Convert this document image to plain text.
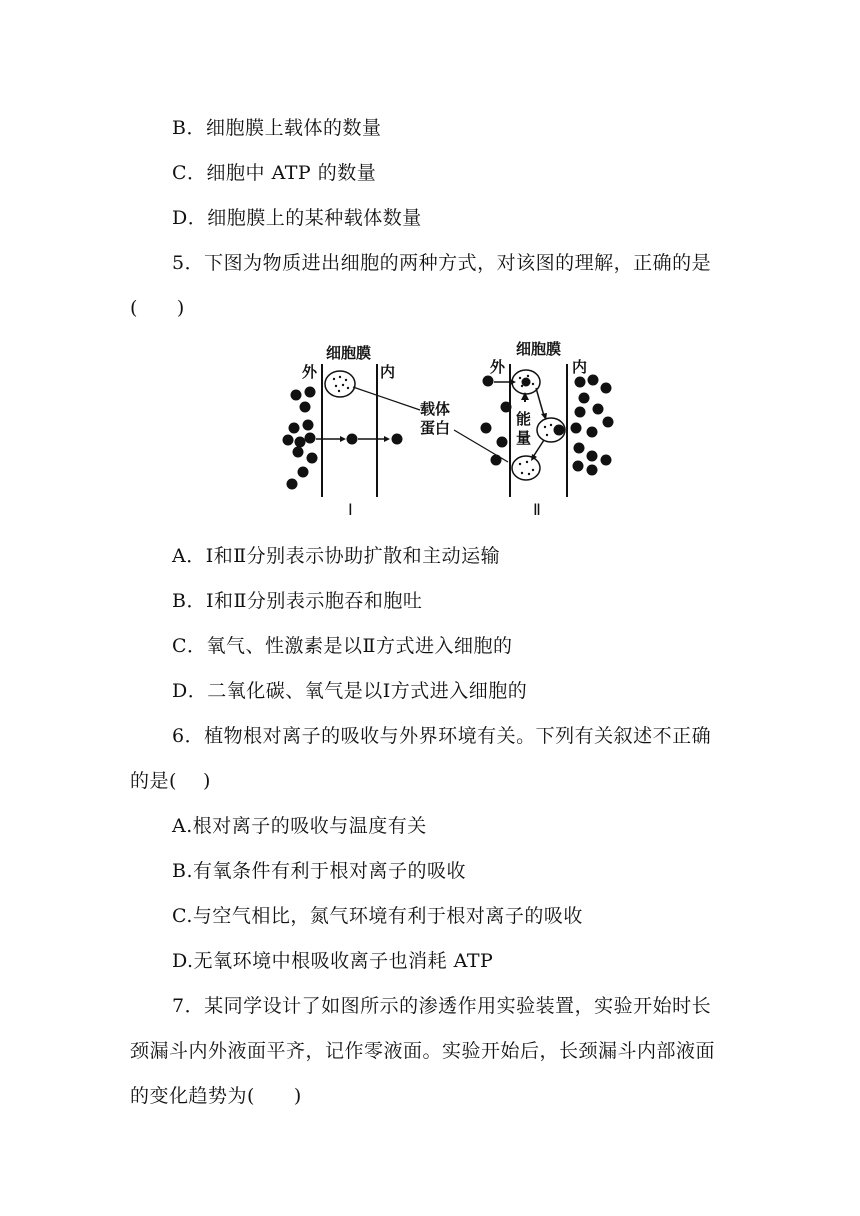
B．细胞膜上载体的数量
C．细胞中 ATP 的数量
D．细胞膜上的某种载体数量
5．下图为物质进出细胞的两种方式，对该图的理解，正确的是
(　　)
细胞膜
外	内
载体
蛋白
细胞膜
外	内
能
量
Ⅰ	Ⅱ
A．Ⅰ和Ⅱ分别表示协助扩散和主动运输
B．Ⅰ和Ⅱ分别表示胞吞和胞吐
C．氧气、性激素是以Ⅱ方式进入细胞的
D．二氧化碳、氧气是以Ⅰ方式进入细胞的
6．植物根对离子的吸收与外界环境有关。下列有关叙述不正确
的是(　 )
A.根对离子的吸收与温度有关
B.有氧条件有利于根对离子的吸收
C.与空气相比，氮气环境有利于根对离子的吸收
D.无氧环境中根吸收离子也消耗 ATP
7．某同学设计了如图所示的渗透作用实验装置，实验开始时长
颈漏斗内外液面平齐，记作零液面。实验开始后，长颈漏斗内部液面
的变化趋势为(　　)
